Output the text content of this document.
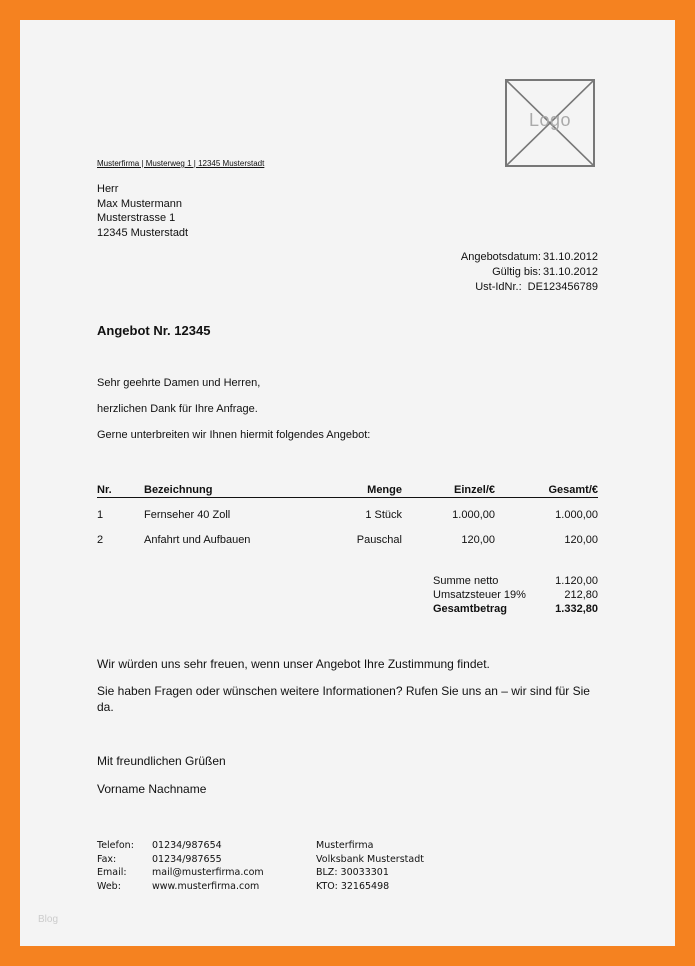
Logo
Musterfirma | Musterweg 1 | 12345 Musterstadt
Herr
Max Mustermann
Musterstrasse 1
12345 Musterstadt
Angebotsdatum: 31.10.2012
Gültig bis: 31.10.2012
Ust-IdNr.: DE123456789
Angebot Nr. 12345
Sehr geehrte Damen und Herren,
herzlichen Dank für Ihre Anfrage.
Gerne unterbreiten wir Ihnen hiermit folgendes Angebot:
Nr.	Bezeichnung	Menge	Einzel/€	Gesamt/€
1	Fernseher 40 Zoll	1 Stück	1.000,00	1.000,00
2	Anfahrt und Aufbauen	Pauschal	120,00	120,00
Summe netto	1.120,00
Umsatzsteuer 19%	212,80
Gesamtbetrag	1.332,80
Wir würden uns sehr freuen, wenn unser Angebot Ihre Zustimmung findet.
Sie haben Fragen oder wünschen weitere Informationen? Rufen Sie uns an – wir sind für Sie da.
Mit freundlichen Grüßen
Vorname Nachname
Telefon:	01234/987654
Fax:	01234/987655
Email:	mail@musterfirma.com
Web:	www.musterfirma.com
Musterfirma
Volksbank Musterstadt
BLZ: 30033301
KTO: 32165498
Blog
